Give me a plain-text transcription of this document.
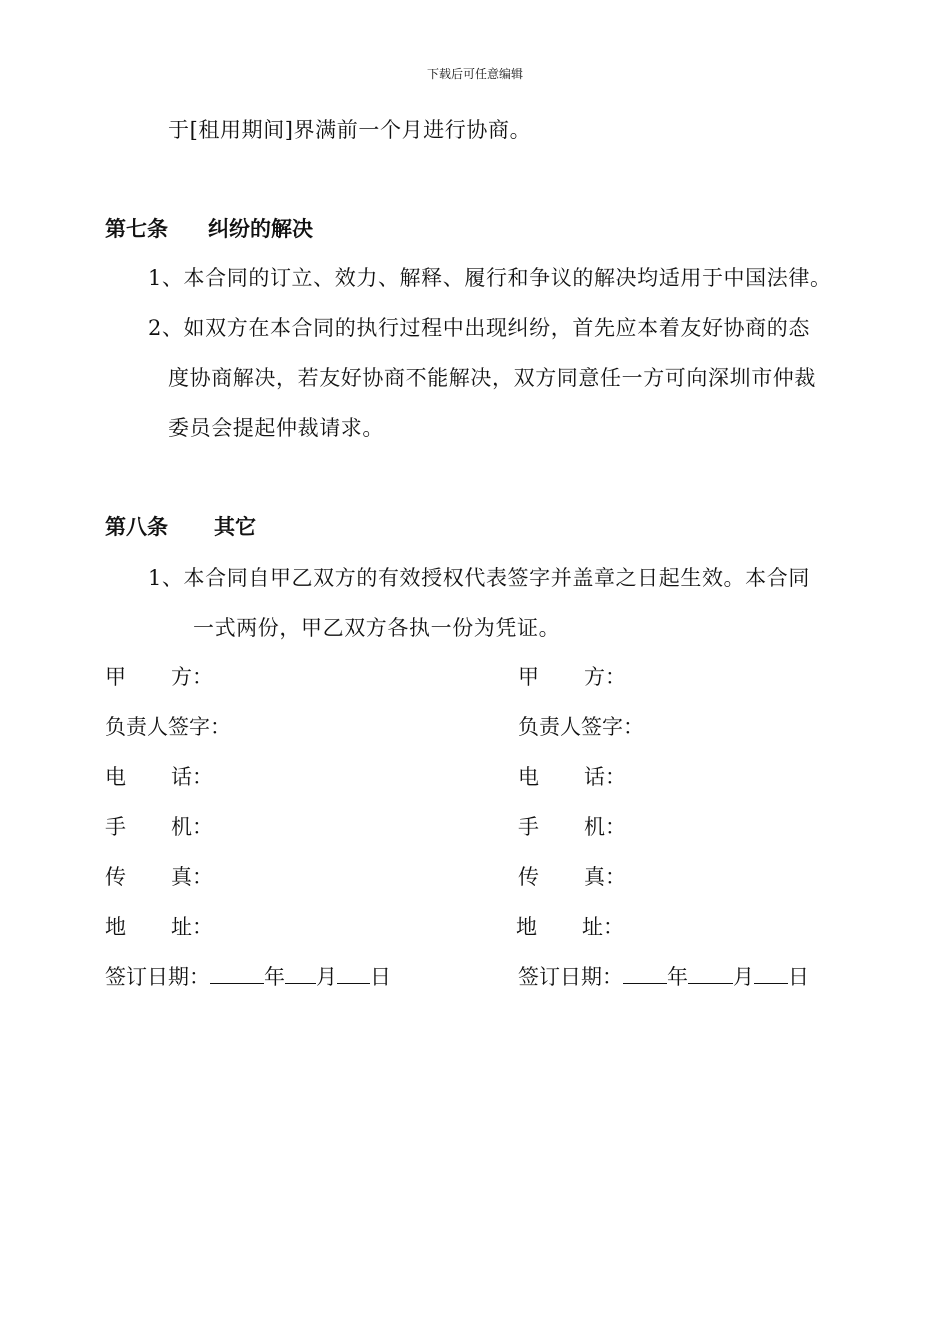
下载后可任意编辑
于[租用期间]界满前一个月进行协商。
第七条 纠纷的解决
1、本合同的订立、效力、解释、履行和争议的解决均适用于中国法律。
2、如双方在本合同的执行过程中出现纠纷，首先应本着友好协商的态
度协商解决，若友好协商不能解决，双方同意任一方可向深圳市仲裁
委员会提起仲裁请求。
第八条 其它
1、本合同自甲乙双方的有效授权代表签字并盖章之日起生效。本合同
一式两份，甲乙双方各执一份为凭证。
甲 方：
负责人签字：
电 话：
手 机：
传 真：
地 址：
签订日期：	年 月 日
甲 方：
负责人签字：
电 话：
手 机：
传 真：
地 址：
签订日期： 年 月 日
